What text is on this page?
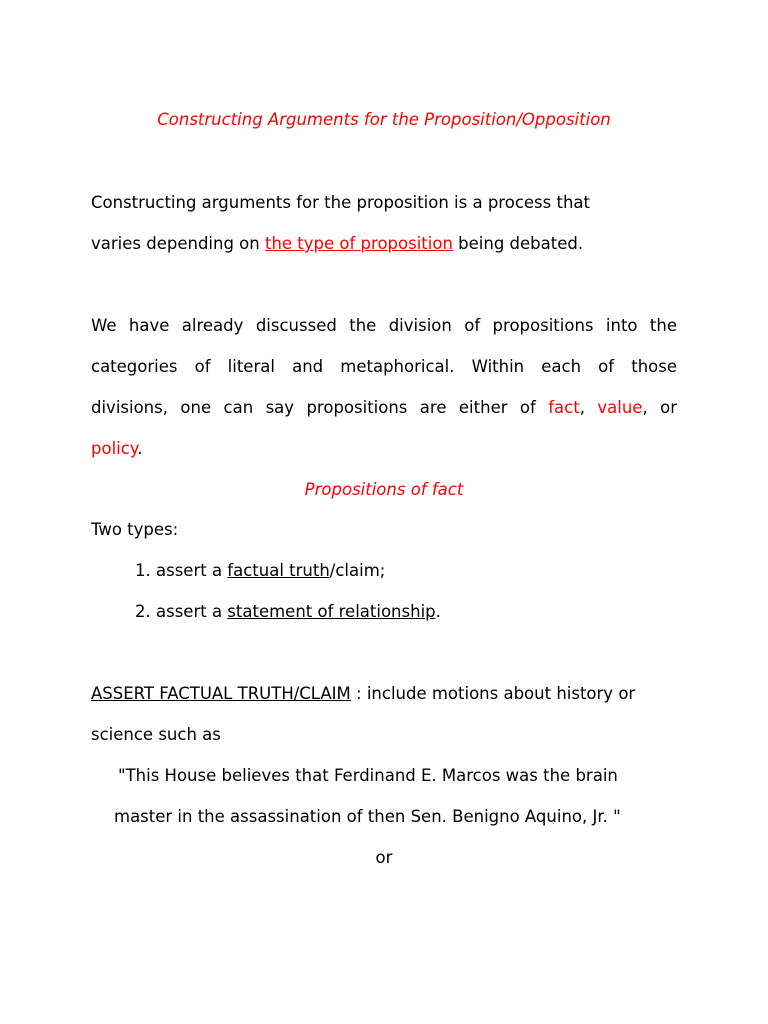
Constructing Arguments for the Proposition/Opposition
Constructing arguments for the proposition is a process that
varies depending on the type of proposition being debated.
We have already discussed the division of propositions into the
categories of literal and metaphorical. Within each of those
divisions, one can say propositions are either of fact, value, or
policy.
Propositions of fact
Two types:
1. assert a factual truth/claim;
2. assert a statement of relationship.
ASSERT FACTUAL TRUTH/CLAIM : include motions about history or
science such as
"This House believes that Ferdinand E. Marcos was the brain
master in the assassination of then Sen. Benigno Aquino, Jr. "
or
